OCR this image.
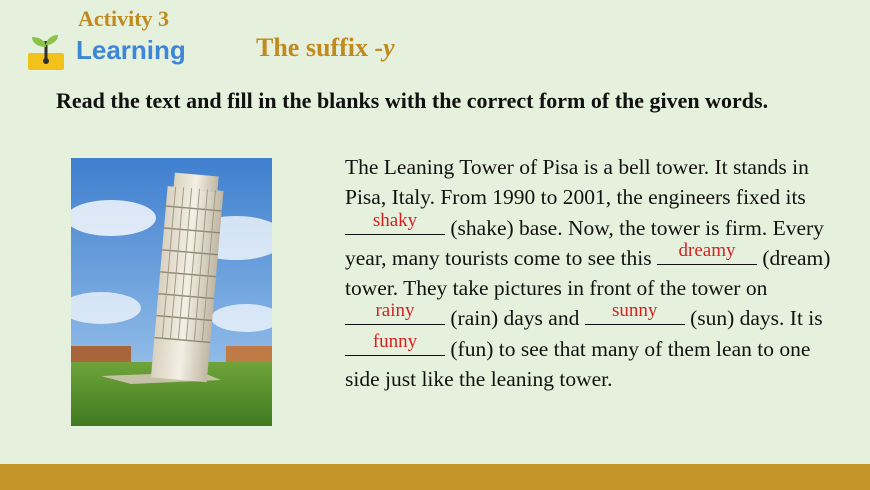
Activity 3
Learning	The suffix -y
Read the text and fill in the blanks with the correct form of the given words.
The Leaning Tower of Pisa is a bell tower. It stands in Pisa, Italy. From 1990 to 2001, the engineers fixed its
shaky	(shake) base. Now, the tower is firm. Every year, many tourists come to see this	dreamy	(dream) tower. They take pictures in front of the tower on
rainy	(rain) days and	sunny	(sun) days. It is
funny	(fun) to see that many of them lean to one side just like the leaning tower.
